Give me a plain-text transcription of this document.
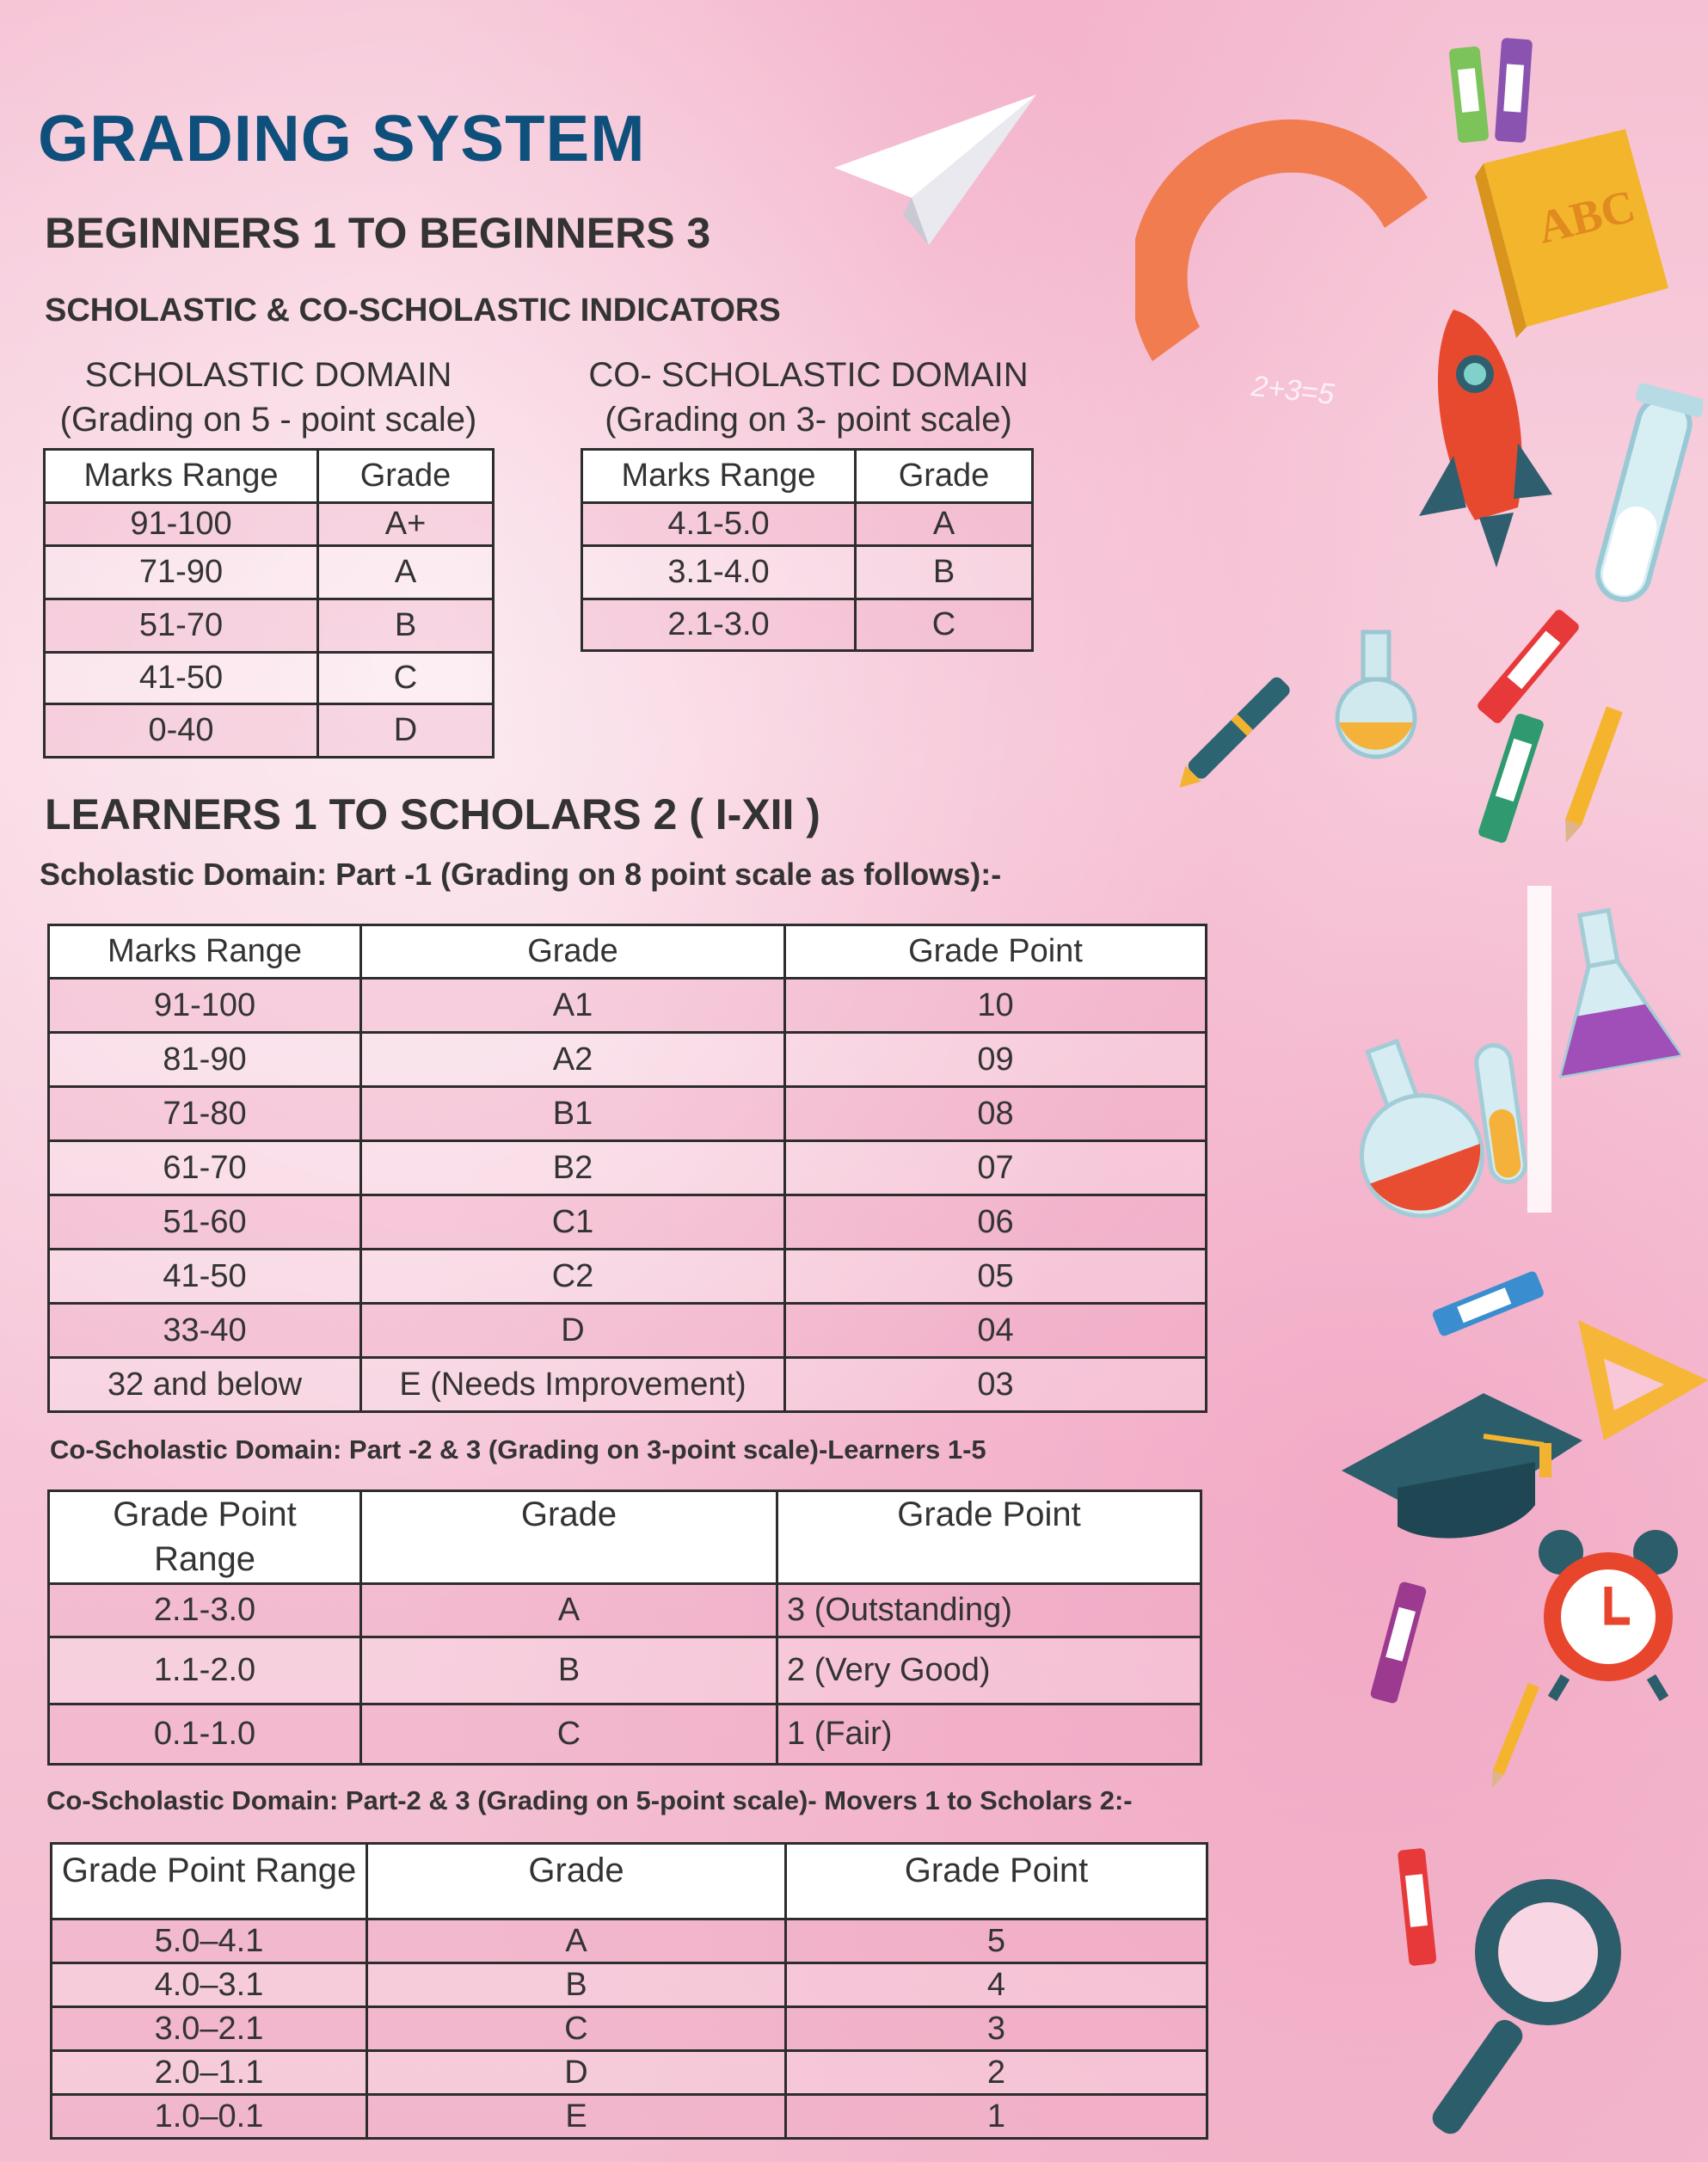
GRADING SYSTEM
BEGINNERS 1 TO BEGINNERS 3
SCHOLASTIC & CO-SCHOLASTIC INDICATORS
SCHOLASTIC DOMAIN
(Grading on 5 - point scale)
CO- SCHOLASTIC DOMAIN
(Grading on 3- point scale)
Marks Range	Grade
91-100	A+
71-90	A
51-70	B
41-50	C
0-40	D
Marks Range	Grade
4.1-5.0	A
3.1-4.0	B
2.1-3.0	C
LEARNERS 1 TO SCHOLARS 2 ( I-XII )
Scholastic Domain: Part -1 (Grading on 8 point scale as follows):-
Marks Range	Grade	Grade Point
91-100	A1	10
81-90	A2	09
71-80	B1	08
61-70	B2	07
51-60	C1	06
41-50	C2	05
33-40	D	04
32 and below	E (Needs Improvement)	03
Co-Scholastic Domain: Part -2 & 3 (Grading on 3-point scale)-Learners 1-5
Grade Point Range	Grade	Grade Point
2.1-3.0	A	3 (Outstanding)
1.1-2.0	B	2 (Very Good)
0.1-1.0	C	1 (Fair)
Co-Scholastic Domain: Part-2 & 3 (Grading on 5-point scale)- Movers 1 to Scholars 2:-
Grade Point Range	Grade	Grade Point
5.0–4.1	A	5
4.0–3.1	B	4
3.0–2.1	C	3
2.0–1.1	D	2
1.0–0.1	E	1
ABC
2+3=5
